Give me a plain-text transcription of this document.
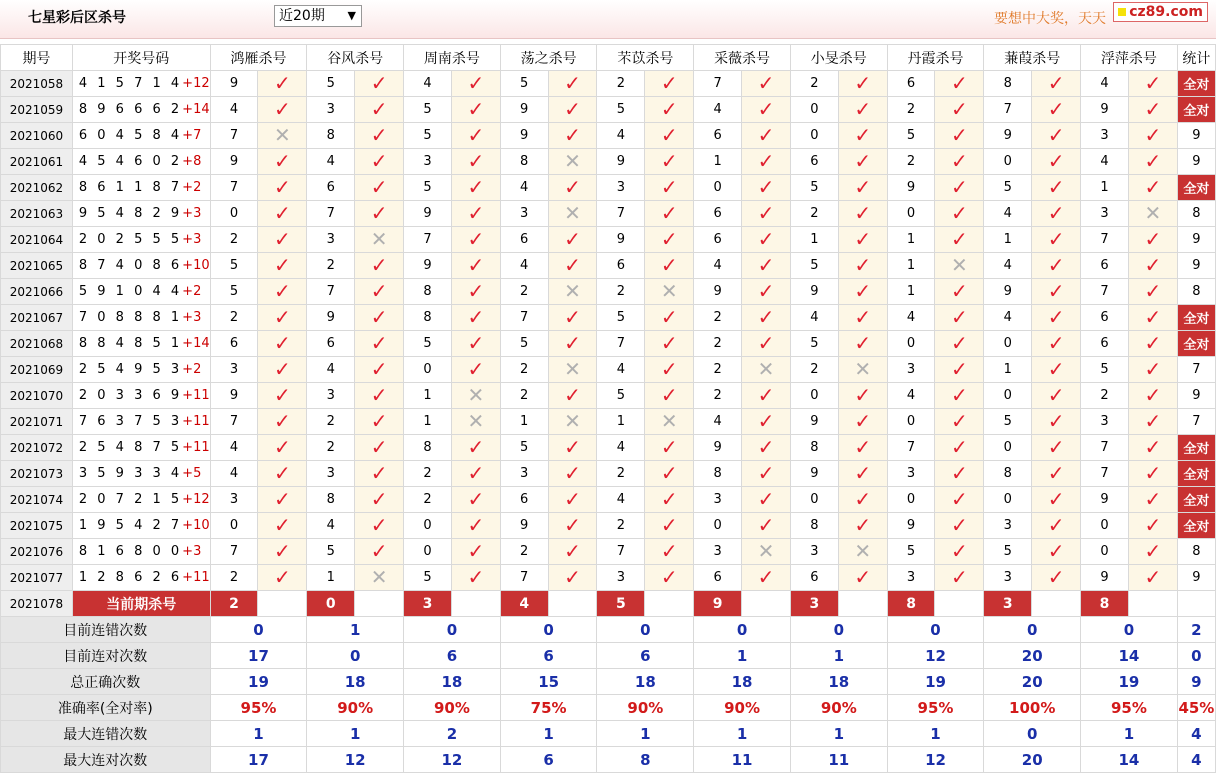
七星彩后区杀号	近20期 ▼	要想中大奖，天天	cz89.com
期号	开奖号码	鸿雁杀号		谷风杀号		周南杀号		荡之杀号		芣苡杀号		采薇杀号		小旻杀号		丹霞杀号		蒹葭杀号		浮萍杀号		统计
2021058	4 1 5 7 1 4+12	9	✓	5	✓	4	✓	5	✓	2	✓	7	✓	2	✓	6	✓	8	✓	4	✓	全对
2021059	8 9 6 6 6 2+14	4	✓	3	✓	5	✓	9	✓	5	✓	4	✓	0	✓	2	✓	7	✓	9	✓	全对
2021060	6 0 4 5 8 4+7	7	✕	8	✓	5	✓	9	✓	4	✓	6	✓	0	✓	5	✓	9	✓	3	✓	9
2021061	4 5 4 6 0 2+8	9	✓	4	✓	3	✓	8	✕	9	✓	1	✓	6	✓	2	✓	0	✓	4	✓	9
2021062	8 6 1 1 8 7+2	7	✓	6	✓	5	✓	4	✓	3	✓	0	✓	5	✓	9	✓	5	✓	1	✓	全对
2021063	9 5 4 8 2 9+3	0	✓	7	✓	9	✓	3	✕	7	✓	6	✓	2	✓	0	✓	4	✓	3	✕	8
2021064	2 0 2 5 5 5+3	2	✓	3	✕	7	✓	6	✓	9	✓	6	✓	1	✓	1	✓	1	✓	7	✓	9
2021065	8 7 4 0 8 6+10	5	✓	2	✓	9	✓	4	✓	6	✓	4	✓	5	✓	1	✕	4	✓	6	✓	9
2021066	5 9 1 0 4 4+2	5	✓	7	✓	8	✓	2	✕	2	✕	9	✓	9	✓	1	✓	9	✓	7	✓	8
2021067	7 0 8 8 8 1+3	2	✓	9	✓	8	✓	7	✓	5	✓	2	✓	4	✓	4	✓	4	✓	6	✓	全对
2021068	8 8 4 8 5 1+14	6	✓	6	✓	5	✓	5	✓	7	✓	2	✓	5	✓	0	✓	0	✓	6	✓	全对
2021069	2 5 4 9 5 3+2	3	✓	4	✓	0	✓	2	✕	4	✓	2	✕	2	✕	3	✓	1	✓	5	✓	7
2021070	2 0 3 3 6 9+11	9	✓	3	✓	1	✕	2	✓	5	✓	2	✓	0	✓	4	✓	0	✓	2	✓	9
2021071	7 6 3 7 5 3+11	7	✓	2	✓	1	✕	1	✕	1	✕	4	✓	9	✓	0	✓	5	✓	3	✓	7
2021072	2 5 4 8 7 5+11	4	✓	2	✓	8	✓	5	✓	4	✓	9	✓	8	✓	7	✓	0	✓	7	✓	全对
2021073	3 5 9 3 3 4+5	4	✓	3	✓	2	✓	3	✓	2	✓	8	✓	9	✓	3	✓	8	✓	7	✓	全对
2021074	2 0 7 2 1 5+12	3	✓	8	✓	2	✓	6	✓	4	✓	3	✓	0	✓	0	✓	0	✓	9	✓	全对
2021075	1 9 5 4 2 7+10	0	✓	4	✓	0	✓	9	✓	2	✓	0	✓	8	✓	9	✓	3	✓	0	✓	全对
2021076	8 1 6 8 0 0+3	7	✓	5	✓	0	✓	2	✓	7	✓	3	✕	3	✕	5	✓	5	✓	0	✓	8
2021077	1 2 8 6 2 6+11	2	✓	1	✕	5	✓	7	✓	3	✓	6	✓	6	✓	3	✓	3	✓	9	✓	9
2021078	当前期杀号	2		0		3		4		5		9		3		8		3		8		
目前连错次数		0		1		0		0		0		0		0		0		0		0		2
目前连对次数		17		0		6		6		6		1		1		12		20		14		0
总正确次数		19		18		18		15		18		18		18		19		20		19		9
准确率(全对率)		95%		90%		90%		75%		90%		90%		90%		95%		100%		95%		45%
最大连错次数		1		1		2		1		1		1		1		1		0		1		4
最大连对次数		17		12		12		6		8		11		11		12		20		14		4
